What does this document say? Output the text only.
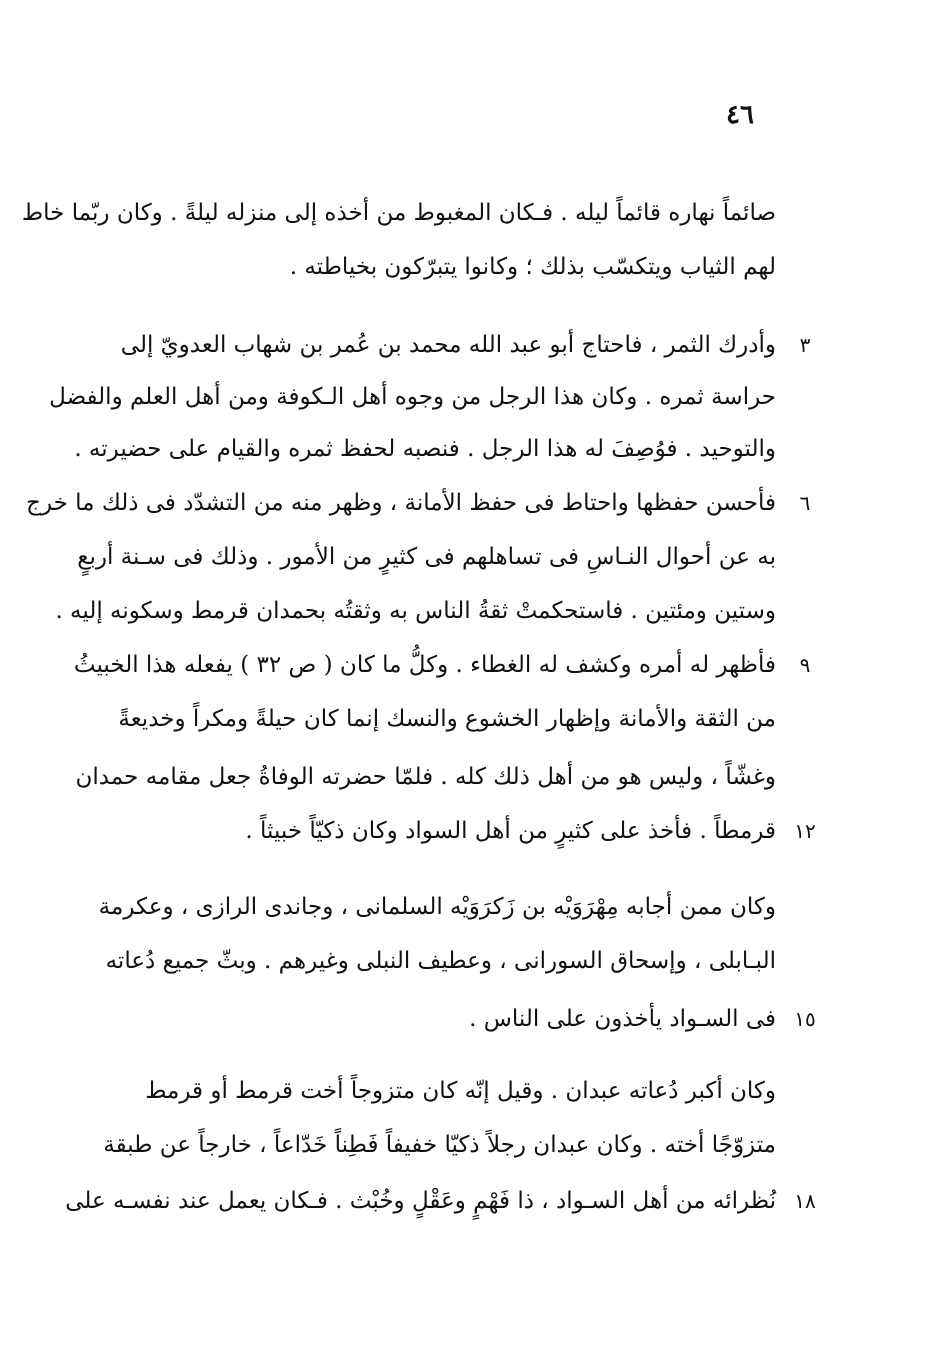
٤٦
صائماً نهاره قائماً ليله . فـكان المغبوط من أخذه إلى منزله ليلةً . وكان ربّما خاط
لهم الثياب ويتكسّب بذلك ؛ وكانوا يتبرّكون بخياطته .
وأدرك الثمر ، فاحتاج أبو عبد الله محمد بن عُمر بن شهاب العدويّ إلى	٣
حراسة ثمره . وكان هذا الرجل من وجوه أهل الـكوفة ومن أهل العلم والفضل
والتوحيد . فوُصِفَ له هذا الرجل . فنصبه لحفظ ثمره والقيام على حضيرته .
فأحسن حفظها واحتاط فى حفظ الأمانة ، وظهر منه من التشدّد فى ذلك ما خرج	٦
به عن أحوال النـاسِ فى تساهلهم فى كثيرٍ من الأمور . وذلك فى سـنة أربعٍ
وستين ومئتين . فاستحكمتْ ثقةُ الناس به وثقتُه بحمدان قرمط وسكونه إليه .
فأظهر له أمره وكشف له الغطاء . وكلُّ ما كان ( ص ٣٢ ) يفعله هذا الخبيثُ	٩
من الثقة والأمانة وإظهار الخشوع والنسك إنما كان حيلةً ومكراً وخديعةً
وغشّاً ، وليس هو من أهل ذلك كله . فلمّا حضرته الوفاةُ جعل مقامه حمدان
قرمطاً . فأخذ على كثيرٍ من أهل السواد وكان ذكيّاً خبيثاً . ١٢
وكان ممن أجابه مِهْرَوَيْه بن زَكرَوَيْه السلمانى ، وجاندى الرازى ، وعكرمة
البـابلى ، وإسحاق السورانى ، وعطيف النبلى وغيرهم . وبثّ جميع دُعاته
فى السـواد يأخذون على الناس . ١٥
وكان أكبر دُعاته عبدان . وقيل إنّه كان متزوجاً أخت قرمط أو قرمط
متزوّجًا أخته . وكان عبدان رجلاً ذكيّا خفيفاً فَطِناً خَدّاعاً ، خارجاً عن طبقة
نُظرائه من أهل السـواد ، ذا فَهْمٍ وعَقْلٍ وخُبْث . فـكان يعمل عند نفسـه على ١٨
